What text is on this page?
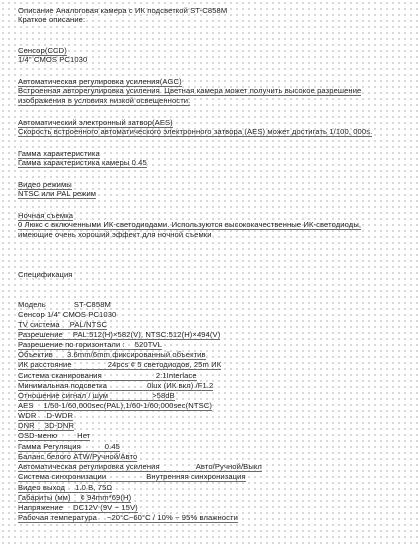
Описание Аналоговая камера с ИК подсветкой ST-C858M
Краткое описание:
Сенсор(CCD)
1/4" CMOS PC1030
Автоматическая регулировка усиления(AGC)
Встроенная авторегулировка усиления. Цветная камера может получить высокое разрешение
изображения в условиях низкой освещенности.
Автоматический электронный затвор(AES)
Скорость встроенного автоматического электронного затвора (AES) может достигать 1/100, 000s.
Гамма характеристика
Гамма характеристика камеры 0.45
Видео режимы
NTSC или PAL режим
Ночная съемка
0 Люкс с включенными ИК-светодиодами. Используются высококачественные ИК-светодиоды,
имеющие очень хороший эффект для ночной съемки
Спецификация
Модель	ST-C858M
Сенсор 1/4" CMOS PC1030
TV система PAL/NTSC
Разрешение PAL:512(H)×582(V), NTSC:512(H)×494(V)
Разрешение по горизонтали : 520TVL
Объектив 3.6mm/6mm фиксированный объектив
ИК расстояние	24pcs ¢ 5 светодиодов, 25m ИК
Система сканирования	2:1Interlace
Минимальная подсветка	0lux (ИК вкл) /F1.2
Отношение сигнал / шум	>58dB
AES 1/50-1/60,000sec(PAL),1/60-1/60,000sec(NTSC)
WDR D-WDR
DNR 3D-DNR
OSD-меню	Нет
Гамма Регуляция	0.45
Баланс белого ATW/Ручной/Авто
Автоматическая регулировка усиления	Авто/Ручной/Выкл
Система синхронизации	Внутренняя синхронизация
Видео выход 1.0 B, 75Ω
Габариты (мм) ¢ 94mm*69(H)
Напряжение DC12V (9V ~ 15V)
Рабочая температура −20°C~60°C / 10% ~ 95% влажности
